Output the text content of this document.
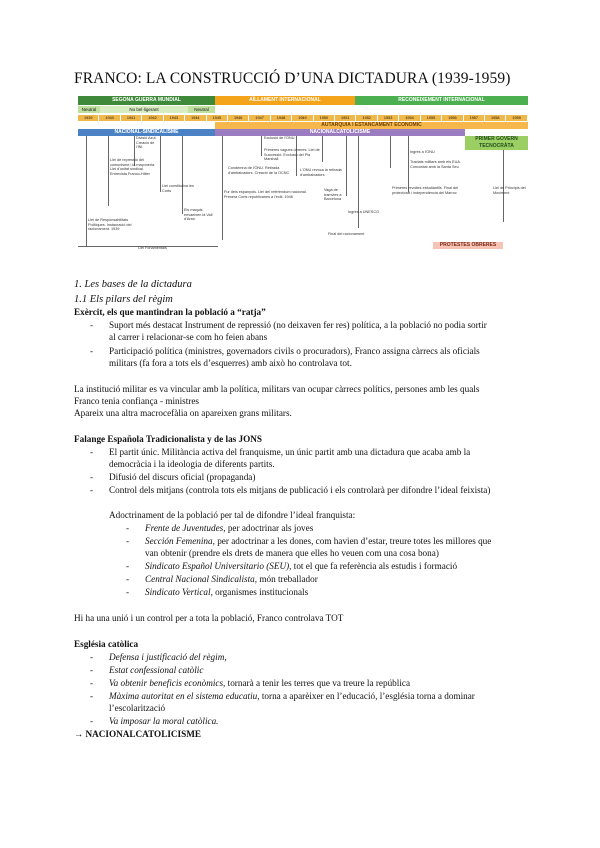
FRANCO: LA CONSTRUCCIÓ D’UNA DICTADURA (1939-1959)
SEGONA GUERRA MUNDIAL	AÏLLAMENT INTERNACIONAL	RECONEIXEMENT INTERNACIONAL
Neutral	No bel·ligerant	Neutral
1939	1940	1941	1942	1943	1944	1945	1946	1947	1948	1949	1950	1951	1952	1953	1954	1955	1956	1957	1958	1959
AUTARQUIA I ESTANCAMENT ECONÒMIC
NACIONAL-SINDICALISME	NACIONALCATOLICISME
PRIMER GOVERN TECNOCRÀTA
PROTESTES OBRERES
Llei de Responsabilitats Polítiques. Instauració del racionament. 1939
Divisió Azul. Creació de l'INI
Llei de repressió del comunisme i la maçoneria. Llei d'unitat sindical. Entrevista Franco-Hitler
Llei constitutiva les Corts
Els maquis envaeixen la Vall d'Aran
Llei Fonamentals
Exclusió de l'ONU
Primeres vagues obreres. Llei de Successió. Exclusió del Pla Marshall
Condemna de l'ONU. Retirada d'ambaixadors. Creació de la OCNC
Fur dels espanyols. Llei del referèndum nacional. Primera Corts republicanes a l'exili. 1946
L'ONU revoca la retirada d'ambaixadors
Vaga de tramvies a Barcelona
Ingrés a UNESCO
Final del racionament
Ingrés a l'ONU
Tractats militars amb els EUA. Concordat amb la Santa Seu
Primeres revoltes estudiantils. Final del protectorat i independència del Marroc
Llei de Principis del Moviment
1. Les bases de la dictadura
1.1 Els pilars del règim
Exèrcit, els que mantindran la població a “ratja”
- Suport més destacat Instrument de repressió (no deixaven fer res) política, a la població no podia sortir
al carrer i relacionar-se com ho feien abans
- Participació política (ministres, governadors civils o procuradors), Franco assigna càrrecs als oficials
militars (fa fora a tots els d’esquerres) amb això ho controlava tot.
La institució militar es va vincular amb la política, militars van ocupar càrrecs polítics, persones amb les quals
Franco tenia confiança - ministres
Apareix una altra macrocefàlia on apareixen grans militars.
Falange Española Tradicionalista y de las JONS
- El partit únic. Militància activa del franquisme, un únic partit amb una dictadura que acaba amb la
democràcia i la ideologia de diferents partits.
- Difusió del discurs oficial (propaganda)
- Control dels mitjans (controla tots els mitjans de publicació i els controlarà per difondre l’ideal feixista)
Adoctrinament de la població per tal de difondre l’ideal franquista:
- Frente de Juventudes, per adoctrinar als joves
- Sección Femenina, per adoctrinar a les dones, com havien d’estar, treure totes les millores que
van obtenir (prendre els drets de manera que elles ho veuen com una cosa bona)
- Sindicato Español Universitario (SEU), tot el que fa referència als estudis i formació
- Central Nacional Sindicalista, món treballador
- Sindicato Vertical, organismes institucionals
Hi ha una unió i un control per a tota la població, Franco controlava TOT
Església catòlica
- Defensa i justificació del règim,
- Estat confessional catòlic
- Va obtenir beneficis econòmics, tornarà a tenir les terres que va treure la república
- Màxima autoritat en el sistema educatiu, torna a aparèixer en l’educació, l’església torna a dominar
l’escolarització
- Va imposar la moral catòlica.
→ NACIONALCATOLICISME
